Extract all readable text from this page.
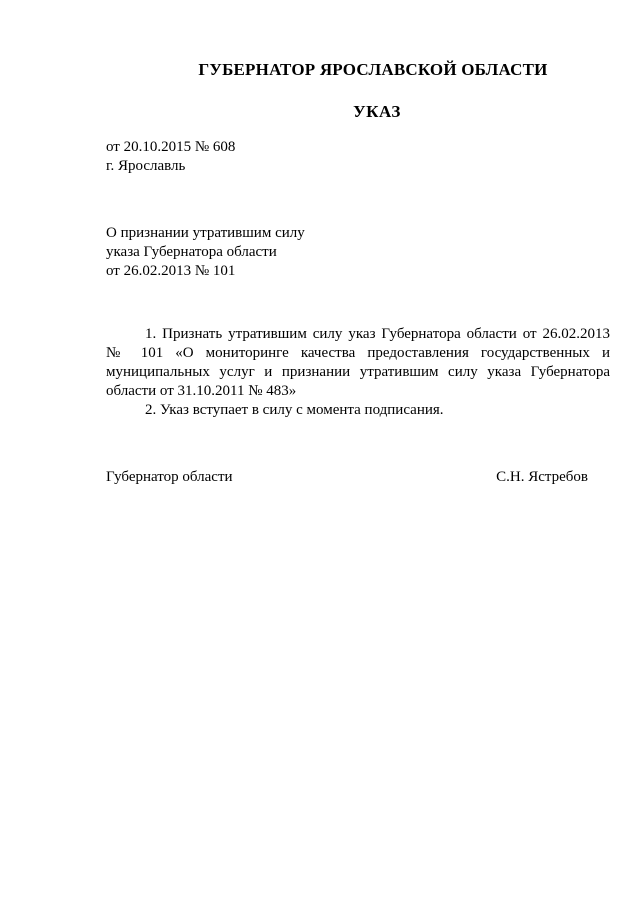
ГУБЕРНАТОР ЯРОСЛАВСКОЙ ОБЛАСТИ
УКАЗ
от 20.10.2015 № 608
г. Ярославль
О признании утратившим силу
указа Губернатора области
от 26.02.2013 № 101

1. Признать утратившим силу указ Губернатора области от 26.02.2013 № 101 «О мониторинге качества предоставления государственных и муниципальных услуг и признании утратившим силу указа Губернатора области от 31.10.2011 № 483»

2. Указ вступает в силу с момента подписания.

Губернатор области	С.Н. Ястребов
